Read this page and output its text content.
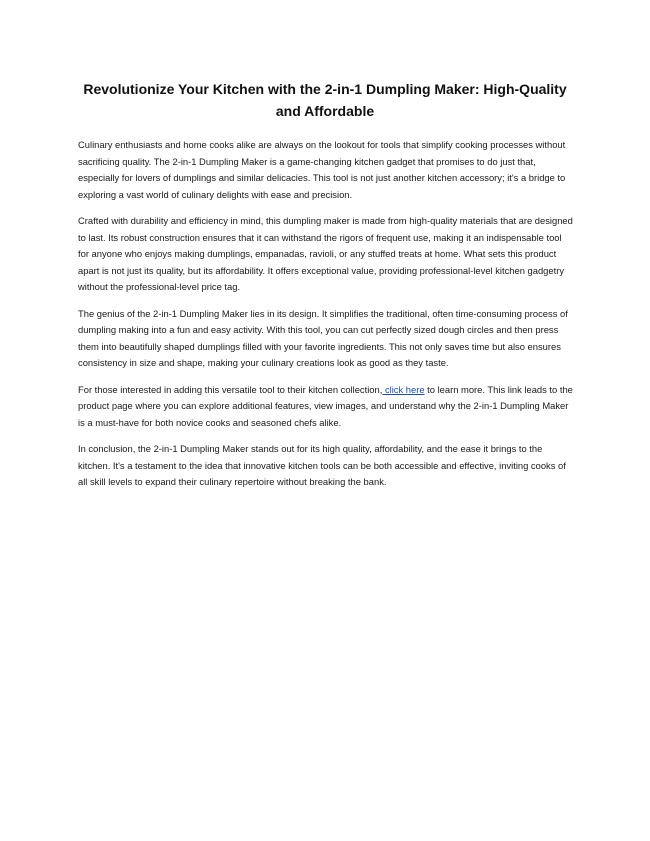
Revolutionize Your Kitchen with the 2-in-1 Dumpling Maker: High-Quality and Affordable

Culinary enthusiasts and home cooks alike are always on the lookout for tools that simplify cooking processes without sacrificing quality. The 2-in-1 Dumpling Maker is a game-changing kitchen gadget that promises to do just that, especially for lovers of dumplings and similar delicacies. This tool is not just another kitchen accessory; it's a bridge to exploring a vast world of culinary delights with ease and precision.

Crafted with durability and efficiency in mind, this dumpling maker is made from high-quality materials that are designed to last. Its robust construction ensures that it can withstand the rigors of frequent use, making it an indispensable tool for anyone who enjoys making dumplings, empanadas, ravioli, or any stuffed treats at home. What sets this product apart is not just its quality, but its affordability. It offers exceptional value, providing professional-level kitchen gadgetry without the professional-level price tag.

The genius of the 2-in-1 Dumpling Maker lies in its design. It simplifies the traditional, often time-consuming process of dumpling making into a fun and easy activity. With this tool, you can cut perfectly sized dough circles and then press them into beautifully shaped dumplings filled with your favorite ingredients. This not only saves time but also ensures consistency in size and shape, making your culinary creations look as good as they taste.

For those interested in adding this versatile tool to their kitchen collection, click here to learn more. This link leads to the product page where you can explore additional features, view images, and understand why the 2-in-1 Dumpling Maker is a must-have for both novice cooks and seasoned chefs alike.

In conclusion, the 2-in-1 Dumpling Maker stands out for its high quality, affordability, and the ease it brings to the kitchen. It's a testament to the idea that innovative kitchen tools can be both accessible and effective, inviting cooks of all skill levels to expand their culinary repertoire without breaking the bank.
